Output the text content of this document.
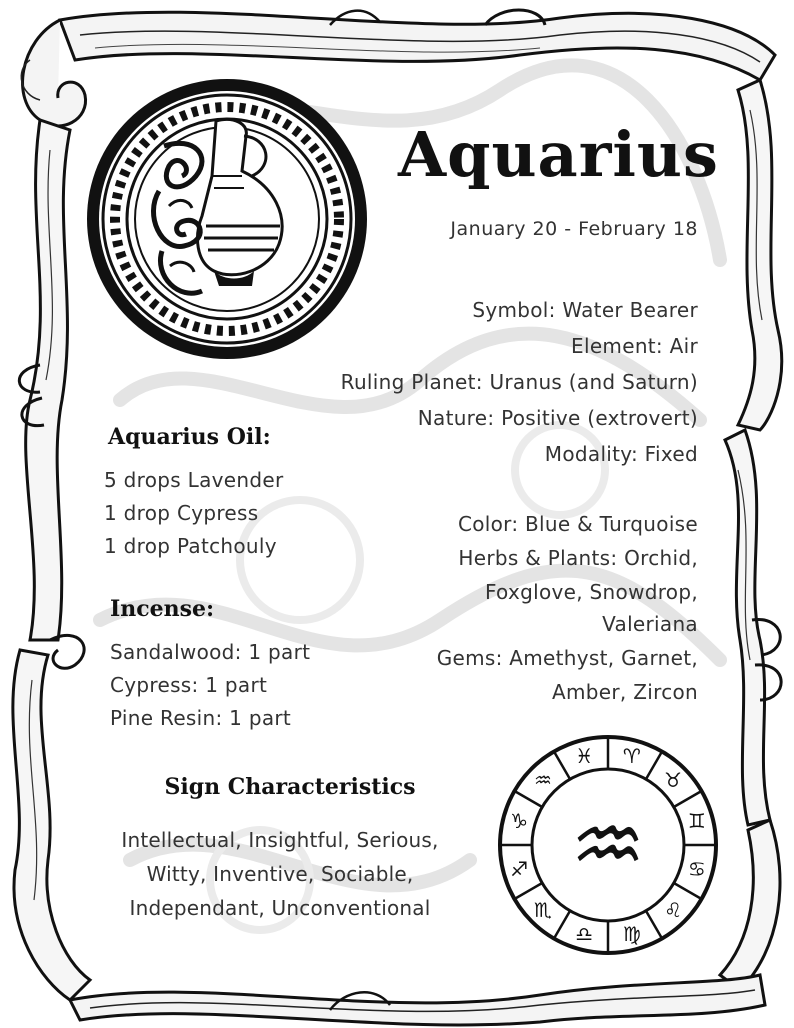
Aquarius
January 20 - February 18
Symbol: Water Bearer
Element: Air
Ruling Planet: Uranus (and Saturn)
Nature: Positive (extrovert)
Modality: Fixed
Color: Blue & Turquoise
Herbs & Plants: Orchid,
Foxglove, Snowdrop,
Valeriana
Gems: Amethyst, Garnet,
Amber, Zircon
Aquarius Oil:
5 drops Lavender
1 drop Cypress
1 drop Patchouly
Incense:
Sandalwood: 1 part
Cypress: 1 part
Pine Resin: 1 part
Sign Characteristics
Intellectual, Insightful, Serious,
Witty, Inventive, Sociable,
Independant, Unconventional
♓ ♈
♉
♊
♋
♌
♍
♎
♏
♐
♑
♒
♒
